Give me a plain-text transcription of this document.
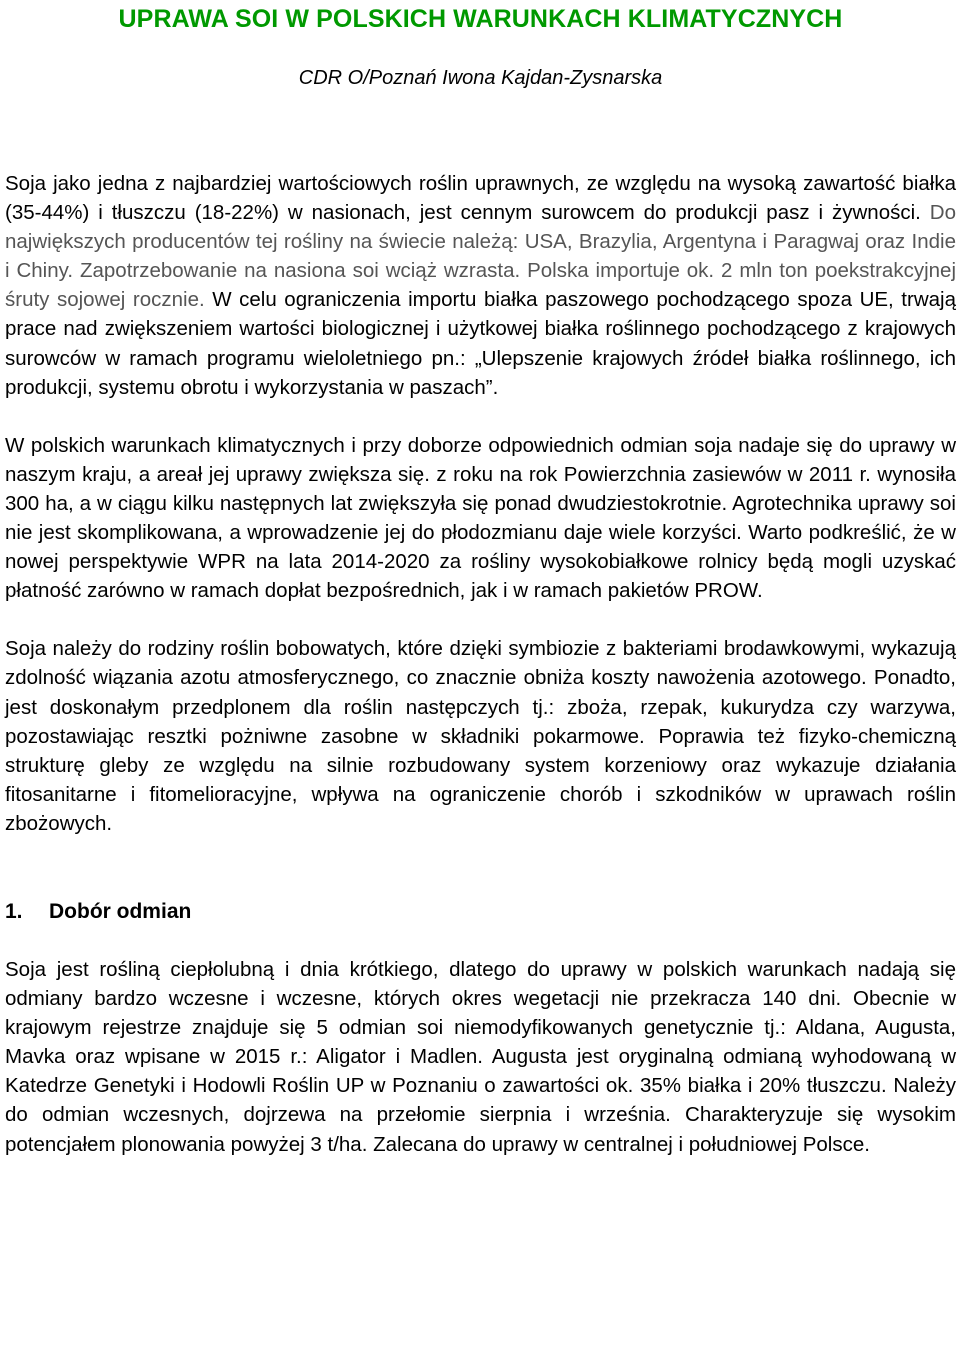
UPRAWA SOI W POLSKICH WARUNKACH KLIMATYCZNYCH

CDR O/Poznań Iwona Kajdan-Zysnarska

Soja jako jedna z najbardziej wartościowych roślin uprawnych, ze względu na wysoką zawartość białka (35-44%) i tłuszczu (18-22%) w nasionach, jest cennym surowcem do produkcji pasz i żywności. Do największych producentów tej rośliny na świecie należą: USA, Brazylia, Argentyna i Paragwaj oraz Indie i Chiny. Zapotrzebowanie na nasiona soi wciąż wzrasta. Polska importuje ok. 2 mln ton poekstrakcyjnej śruty sojowej rocznie. W celu ograniczenia importu białka paszowego pochodzącego spoza UE, trwają prace nad zwiększeniem wartości biologicznej i użytkowej białka roślinnego pochodzącego z krajowych surowców w ramach programu wieloletniego pn.: „Ulepszenie krajowych źródeł białka roślinnego, ich produkcji, systemu obrotu i wykorzystania w paszach”.

W polskich warunkach klimatycznych i przy doborze odpowiednich odmian soja nadaje się do uprawy w naszym kraju, a areał jej uprawy zwiększa się. z roku na rok Powierzchnia zasiewów w 2011 r. wynosiła 300 ha, a w ciągu kilku następnych lat zwiększyła się ponad dwudziestokrotnie. Agrotechnika uprawy soi nie jest skomplikowana, a wprowadzenie jej do płodozmianu daje wiele korzyści. Warto podkreślić, że w nowej perspektywie WPR na lata 2014-2020 za rośliny wysokobiałkowe rolnicy będą mogli uzyskać płatność zarówno w ramach dopłat bezpośrednich, jak i w ramach pakietów PROW.

Soja należy do rodziny roślin bobowatych, które dzięki symbiozie z bakteriami brodawkowymi, wykazują zdolność wiązania azotu atmosferycznego, co znacznie obniża koszty nawożenia azotowego. Ponadto, jest doskonałym przedplonem dla roślin następczych tj.: zboża, rzepak, kukurydza czy warzywa, pozostawiając resztki pożniwne zasobne w składniki pokarmowe. Poprawia też fizyko-chemiczną strukturę gleby ze względu na silnie rozbudowany system korzeniowy oraz wykazuje działania fitosanitarne i fitomelioracyjne, wpływa na ograniczenie chorób i szkodników w uprawach roślin zbożowych.

1. Dobór odmian

Soja jest rośliną ciepłolubną i dnia krótkiego, dlatego do uprawy w polskich warunkach nadają się odmiany bardzo wczesne i wczesne, których okres wegetacji nie przekracza 140 dni. Obecnie w krajowym rejestrze znajduje się 5 odmian soi niemodyfikowanych genetycznie tj.: Aldana, Augusta, Mavka oraz wpisane w 2015 r.: Aligator i Madlen. Augusta jest oryginalną odmianą wyhodowaną w Katedrze Genetyki i Hodowli Roślin UP w Poznaniu o zawartości ok. 35% białka i 20% tłuszczu. Należy do odmian wczesnych, dojrzewa na przełomie sierpnia i września. Charakteryzuje się wysokim potencjałem plonowania powyżej 3 t/ha. Zalecana do uprawy w centralnej i południowej Polsce.
